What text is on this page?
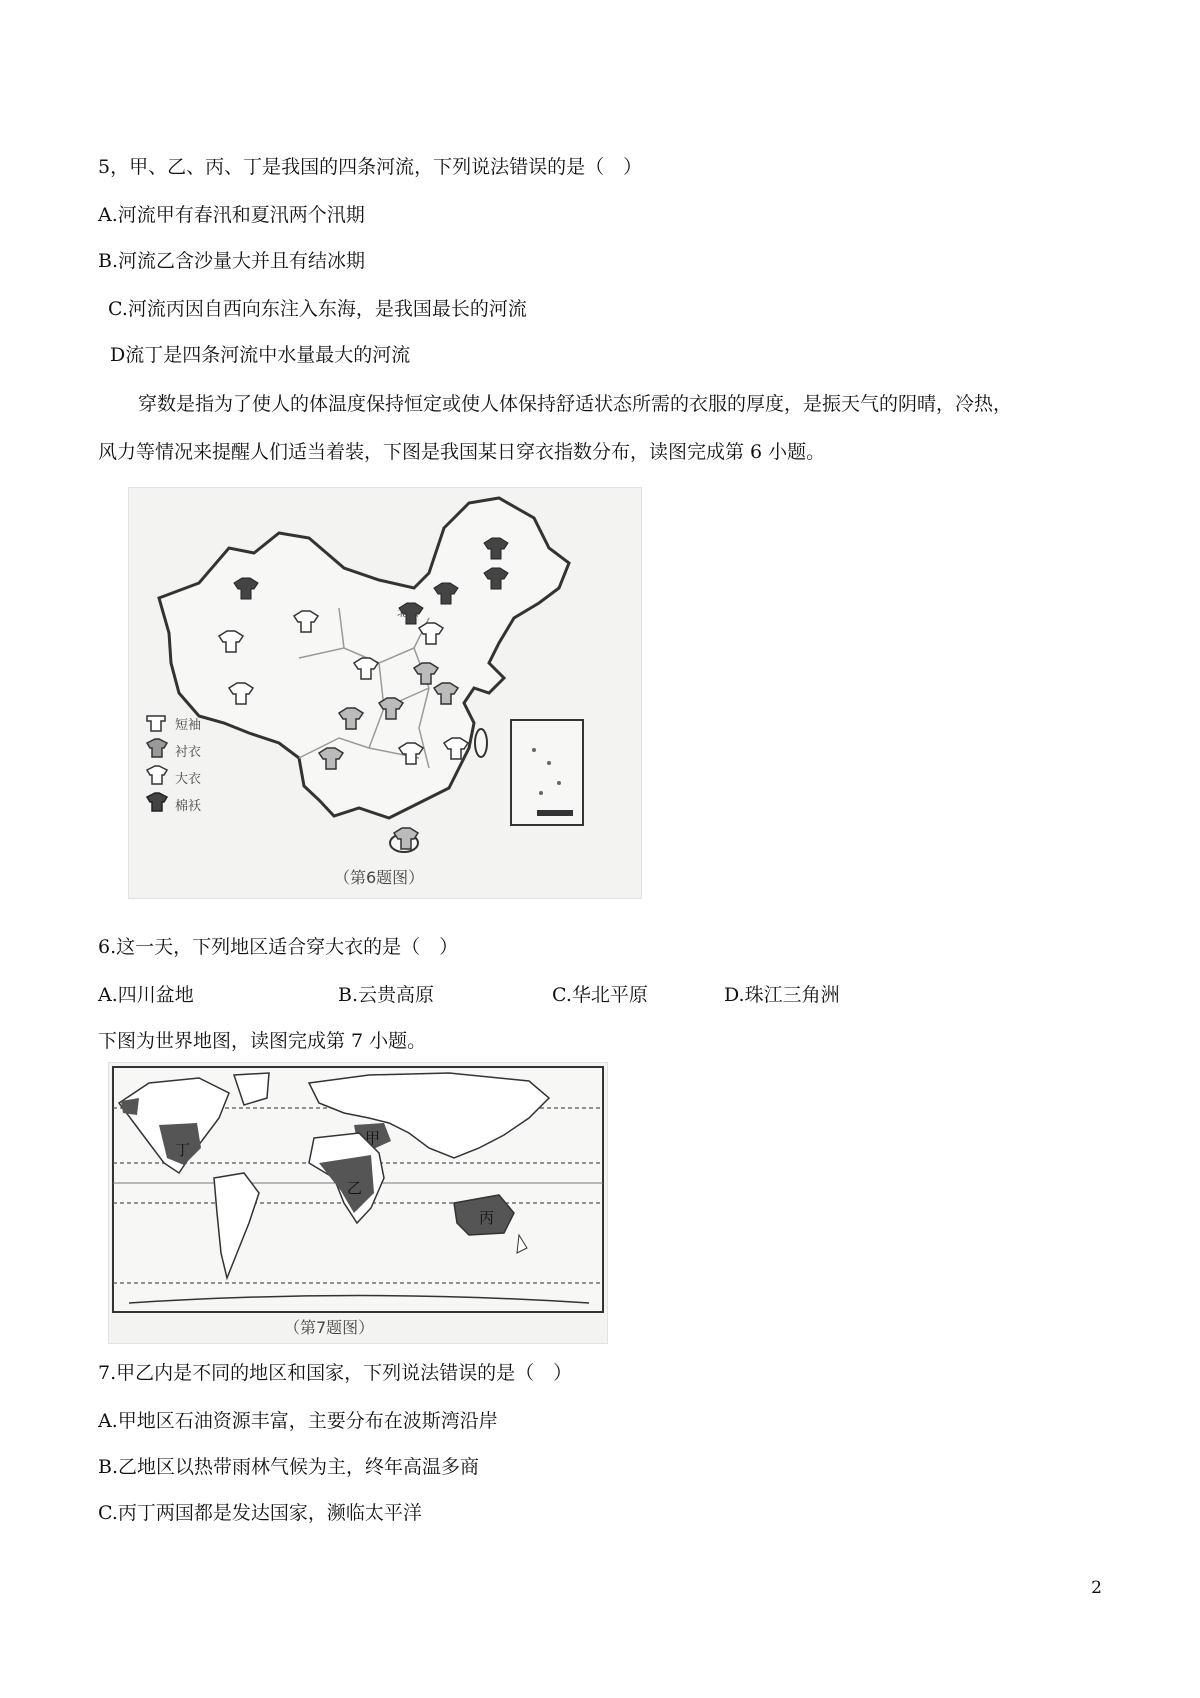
5，甲、乙、丙、丁是我国的四条河流，下列说法错误的是（　）
A.河流甲有春汛和夏汛两个汛期
B.河流乙含沙量大并且有结冰期
C.河流丙因自西向东注入东海，是我国最长的河流
D流丁是四条河流中水量最大的河流
穿数是指为了使人的体温度保持恒定或使人体保持舒适状态所需的衣服的厚度，是振天气的阴晴，冷热，
风力等情况来提醒人们适当着装，下图是我国某日穿衣指数分布，读图完成第 6 小题。
北京
短袖
衬衣
大衣
棉袄
（第6题图）
6.这一天，下列地区适合穿大衣的是（　）
A.四川盆地	B.云贵高原	C.华北平原	D.珠江三角洲
下图为世界地图，读图完成第 7 小题。
丁
甲
乙
丙
（第7题图）
7.甲乙内是不同的地区和国家，下列说法错误的是（　）
A.甲地区石油资源丰富，主要分布在波斯湾沿岸
B.乙地区以热带雨林气候为主，终年高温多商
C.丙丁两国都是发达国家，濒临太平洋
2
